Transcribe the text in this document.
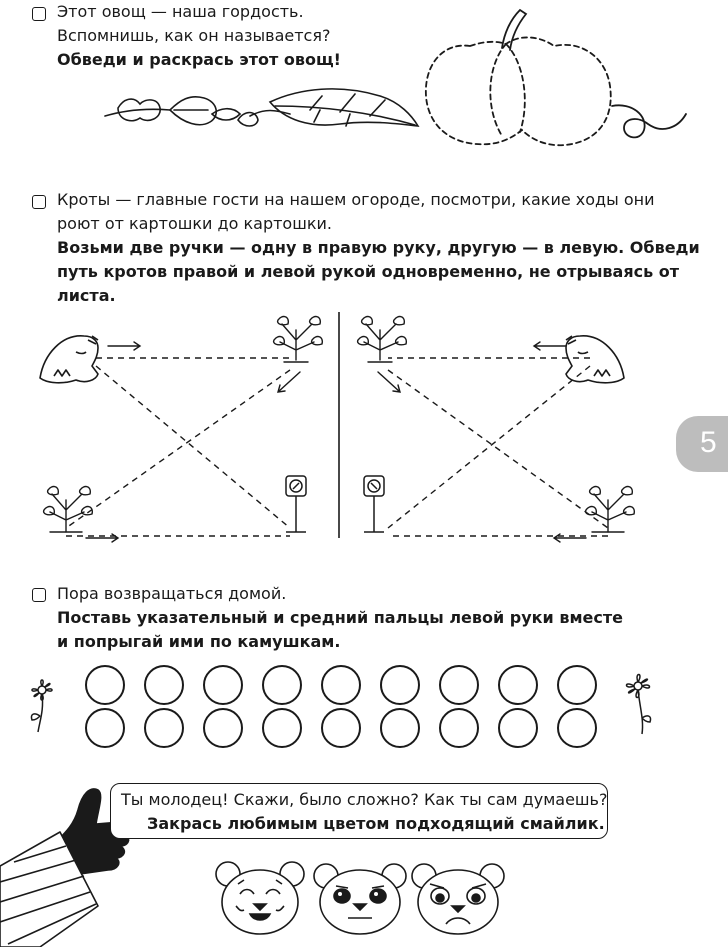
Этот овощ — наша гордость.
Вспомнишь, как он называется?
Обведи и раскрась этот овощ!
Кроты — главные гости на нашем огороде, посмотри, какие ходы они
роют от картошки до картошки.
Возьми две ручки — одну в правую руку, другую — в левую. Обведи
путь кротов правой и левой рукой одновременно, не отрываясь от
листа.
5
Пора возвращаться домой.
Поставь указательный и средний пальцы левой руки вместе
и попрыгай ими по камушкам.
Ты молодец! Скажи, было сложно? Как ты сам думаешь?
Закрась любимым цветом подходящий смайлик.
